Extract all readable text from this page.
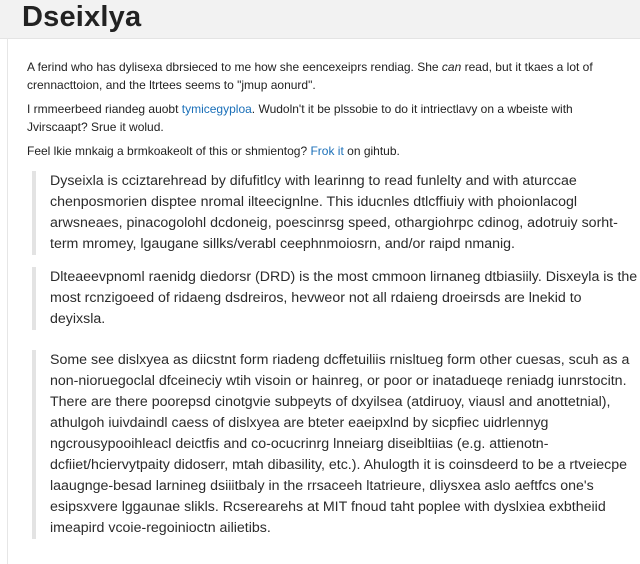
Dseixlya

A ferind who has dylisexa dbrsieced to me how she eencexeiprs rendiag. She can read, but it tkaes a lot of crennacttoion, and the ltrtees seems to "jmup aonurd".

I rmmeerbeed riandeg auobt tymicegyploa. Wudoln't it be plssobie to do it intriectlavy on a wbeiste with Jvirscaapt? Srue it wolud.

Feel lkie mnkaig a brmkoakeolt of this or shmientog? Frok it on gihtub.

Dyseixla is cciztarehread by difufitlcy with learinng to read funlelty and with aturccae chenposmorien disptee nromal ilteecignlne. This iducnles dtlcffiuiy with phoionlacogl arwsneaes, pinacogolohl dcdoneig, poescinrsg speed, othargiohrpc cdinog, adotruiy sorht-term mromey, lgaugane sillks/verabl ceephnmoiosrn, and/or raipd nmanig.

Dlteaeevpnoml raenidg diedorsr (DRD) is the most cmmoon lirnaneg dtbiasiily. Disxeyla is the most rcnzigoeed of ridaeng dsdreiros, hevweor not all rdaieng droeirsds are lnekid to deyixsla.

Some see dislxyea as diicstnt form riadeng dcffetuiliis rnisltueg form other cuesas, scuh as a non-nioruegoclal dfceineciy wtih visoin or hainreg, or poor or inatadueqe reniadg iunrstocitn. There are there poorepsd cinotgvie subpeyts of dxyilsea (atdiruoy, viausl and anottetnial), athulgoh iuivdaindl caess of dislxyea are bteter eaeipxlnd by sicpfiec uidrlennyg ngcrousypooihleacl deictfis and co-ocucrinrg lnneiarg diseibltiias (e.g. attienotn-dcfiiet/hciervytpaity didoserr, mtah dibasility, etc.). Ahulogth it is coinsdeerd to be a rtveiecpe laaugnge-besad larnineg dsiiitbaly in the rrsaceeh ltatrieure, dliysxea aslo aeftfcs one's esipsxvere lggaunae slikls. Rcserearehs at MIT fnoud taht poplee with dyslxiea exbtheiid imeapird vcoie-regoinioctn ailietibs.
